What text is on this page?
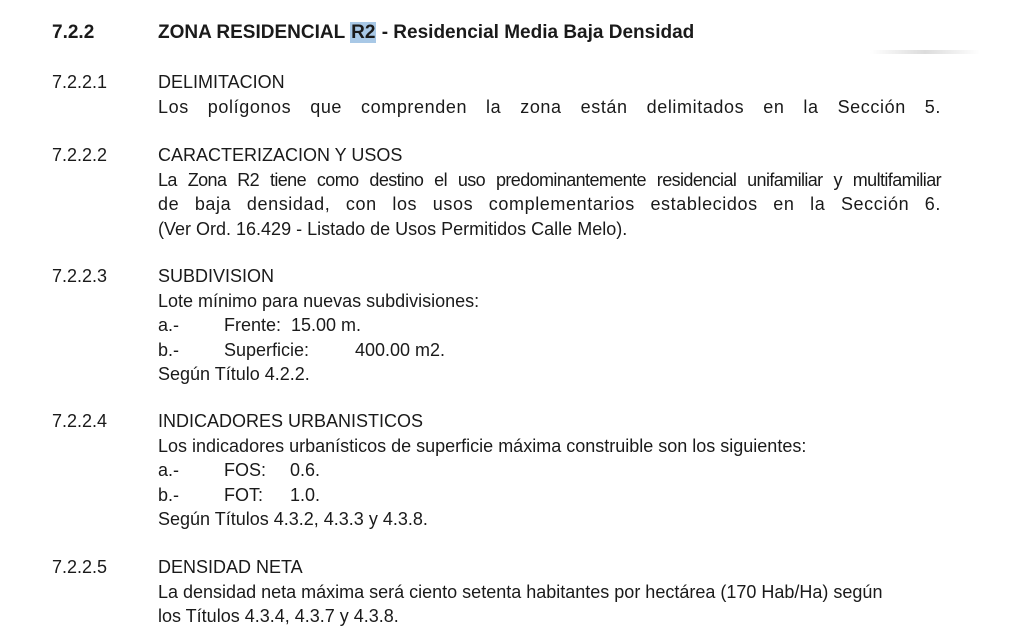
7.2.2	ZONA RESIDENCIAL R2 - Residencial Media Baja Densidad
7.2.2.1	DELIMITACION
Los polígonos que comprenden la zona están delimitados en la Sección 5.
7.2.2.2	CARACTERIZACION Y USOS
La Zona R2 tiene como destino el uso predominantemente residencial unifamiliar y multifamiliar
de baja densidad, con los usos complementarios establecidos en la Sección 6.
(Ver Ord. 16.429 - Listado de Usos Permitidos Calle Melo).
7.2.2.3	SUBDIVISION
Lote mínimo para nuevas subdivisiones:
a.- Frente: 15.00 m.
b.- Superficie:	400.00 m2.
Según Título 4.2.2.
7.2.2.4	INDICADORES URBANISTICOS
Los indicadores urbanísticos de superficie máxima construible son los siguientes:
a.- FOS: 0.6.
b.- FOT: 1.0.
Según Títulos 4.3.2, 4.3.3 y 4.3.8.
7.2.2.5	DENSIDAD NETA
La densidad neta máxima será ciento setenta habitantes por hectárea (170 Hab/Ha) según
los Títulos 4.3.4, 4.3.7 y 4.3.8.
